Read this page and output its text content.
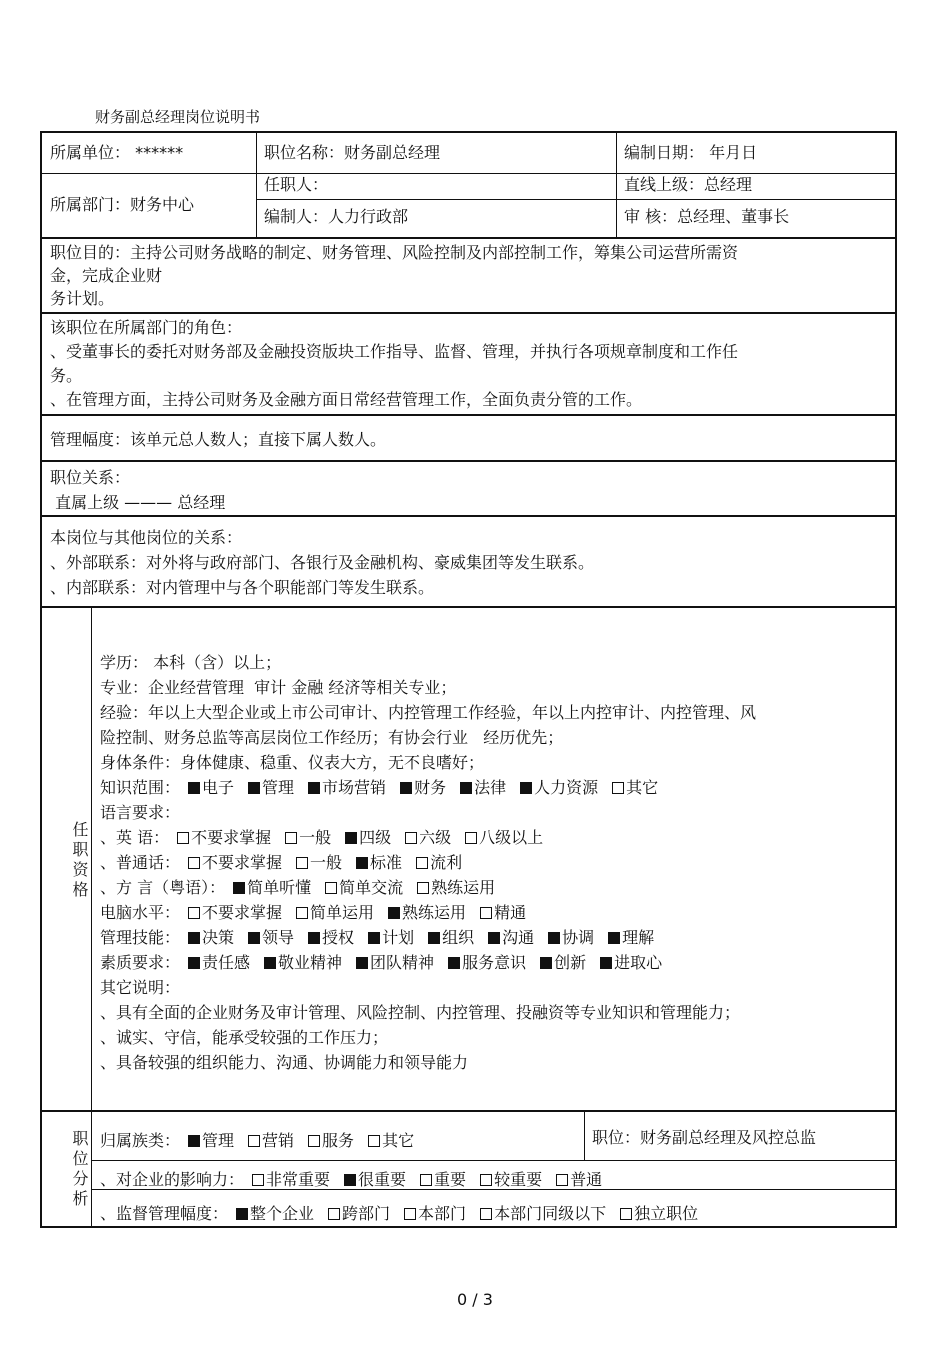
财务副总经理岗位说明书
所属单位： ******	职位名称：财务副总经理	编制日期： 年月日
所属部门：财务中心
任职人：	直线上级：总经理
编制人：人力行政部	审 核：总经理、董事长
职位目的：主持公司财务战略的制定、财务管理、风险控制及内部控制工作，筹集公司运营所需资
金，完成企业财
务计划。
该职位在所属部门的角色：
、受董事长的委托对财务部及金融投资版块工作指导、监督、管理，并执行各项规章制度和工作任
务。
、在管理方面，主持公司财务及金融方面日常经营管理工作，全面负责分管的工作。
管理幅度：该单元总人数人；直接下属人数人。
职位关系：
直属上级 ——— 总经理
本岗位与其他岗位的关系：
、外部联系：对外将与政府部门、各银行及金融机构、豪威集团等发生联系。
、内部联系：对内管理中与各个职能部门等发生联系。
任职资格
学历： 本科（含）以上；
专业：企业经营管理  审计 金融 经济等相关专业；
经验：年以上大型企业或上市公司审计、内控管理工作经验，年以上内控审计、内控管理、风
险控制、财务总监等高层岗位工作经历；有协会行业   经历优先；
身体条件：身体健康、稳重、仪表大方，无不良嗜好；
知识范围： 电子 管理 市场营销 财务 法律 人力资源 其它
语言要求：
、英 语： 不要求掌握 一般 四级 六级 八级以上
、普通话： 不要求掌握 一般 标准 流利
、方 言（粤语）： 简单听懂 简单交流 熟练运用
电脑水平： 不要求掌握 简单运用 熟练运用 精通
管理技能： 决策 领导 授权 计划 组织 沟通 协调 理解
素质要求： 责任感 敬业精神 团队精神 服务意识 创新 进取心
其它说明：
、具有全面的企业财务及审计管理、风险控制、内控管理、投融资等专业知识和管理能力；
、诚实、守信，能承受较强的工作压力；
、具备较强的组织能力、沟通、协调能力和领导能力
职位分析 归属族类： 管理 营销 服务 其它	职位：财务副总经理及风控总监
、对企业的影响力： 非常重要 很重要 重要 较重要 普通
、监督管理幅度： 整个企业 跨部门 本部门 本部门同级以下 独立职位
0 / 3
